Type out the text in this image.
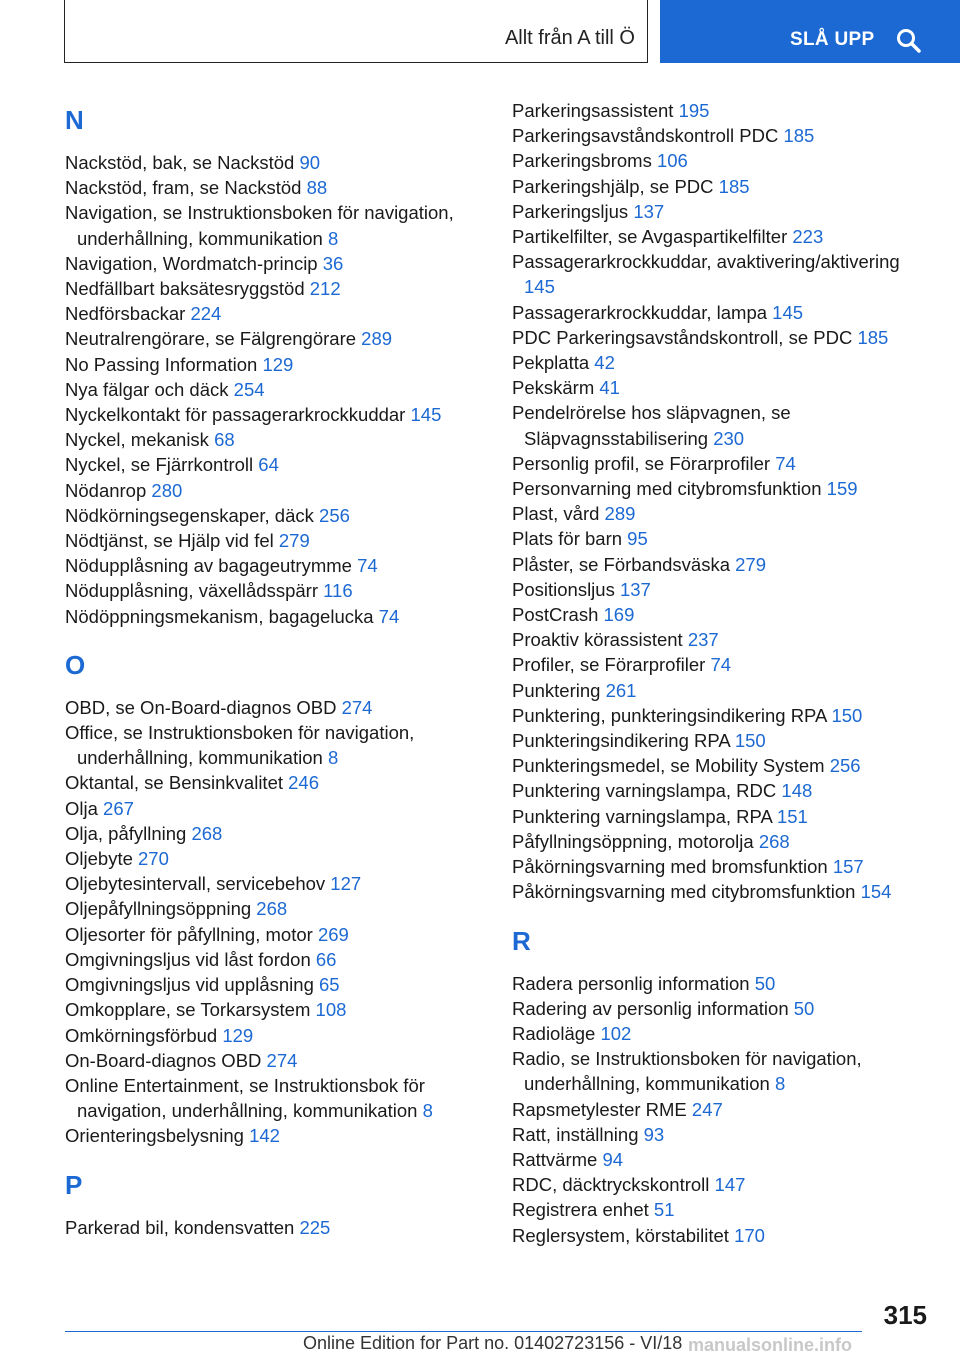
Allt från A till Ö	SLÅ UPP
N
Nackstöd, bak, se Nackstöd 90
Nackstöd, fram, se Nackstöd 88
Navigation, se Instruktionsboken för navigation, underhållning, kommunikation 8
Navigation, Wordmatch-princip 36
Nedfällbart baksätesryggstöd 212
Nedförsbackar 224
Neutralrengörare, se Fälgrengörare 289
No Passing Information 129
Nya fälgar och däck 254
Nyckelkontakt för passagerarkrockkuddar 145
Nyckel, mekanisk 68
Nyckel, se Fjärrkontroll 64
Nödanrop 280
Nödkörningsegenskaper, däck 256
Nödtjänst, se Hjälp vid fel 279
Nödupplåsning av bagageutrymme 74
Nödupplåsning, växellådsspärr 116
Nödöppningsmekanism, bagagelucka 74
O
OBD, se On-Board-diagnos OBD 274
Office, se Instruktionsboken för navigation, underhållning, kommunikation 8
Oktantal, se Bensinkvalitet 246
Olja 267
Olja, påfyllning 268
Oljebyte 270
Oljebytesintervall, servicebehov 127
Oljepåfyllningsöppning 268
Oljesorter för påfyllning, motor 269
Omgivningsljus vid låst fordon 66
Omgivningsljus vid upplåsning 65
Omkopplare, se Torkarsystem 108
Omkörningsförbud 129
On-Board-diagnos OBD 274
Online Entertainment, se Instruktionsbok för navigation, underhållning, kommunikation 8
Orienteringsbelysning 142
P
Parkerad bil, kondensvatten 225
Parkeringsassistent 195
Parkeringsavståndskontroll PDC 185
Parkeringsbroms 106
Parkeringshjälp, se PDC 185
Parkeringsljus 137
Partikelfilter, se Avgaspartikelfilter 223
Passagerarkrockkuddar, avaktivering/aktivering 145
Passagerarkrockkuddar, lampa 145
PDC Parkeringsavståndskontroll, se PDC 185
Pekplatta 42
Pekskärm 41
Pendelrörelse hos släpvagnen, se Släpvagnsstabilisering 230
Personlig profil, se Förarprofiler 74
Personvarning med citybromsfunktion 159
Plast, vård 289
Plats för barn 95
Plåster, se Förbandsväska 279
Positionsljus 137
PostCrash 169
Proaktiv körassistent 237
Profiler, se Förarprofiler 74
Punktering 261
Punktering, punkteringsindikering RPA 150
Punkteringsindikering RPA 150
Punkteringsmedel, se Mobility System 256
Punktering varningslampa, RDC 148
Punktering varningslampa, RPA 151
Påfyllningsöppning, motorolja 268
Påkörningsvarning med bromsfunktion 157
Påkörningsvarning med citybromsfunktion 154
R
Radera personlig information 50
Radering av personlig information 50
Radioläge 102
Radio, se Instruktionsboken för navigation, underhållning, kommunikation 8
Rapsmetylester RME 247
Ratt, inställning 93
Rattvärme 94
RDC, däcktryckskontroll 147
Registrera enhet 51
Reglersystem, körstabilitet 170
315
Online Edition for Part no. 01402723156 - VI/18 manualsonline.info
